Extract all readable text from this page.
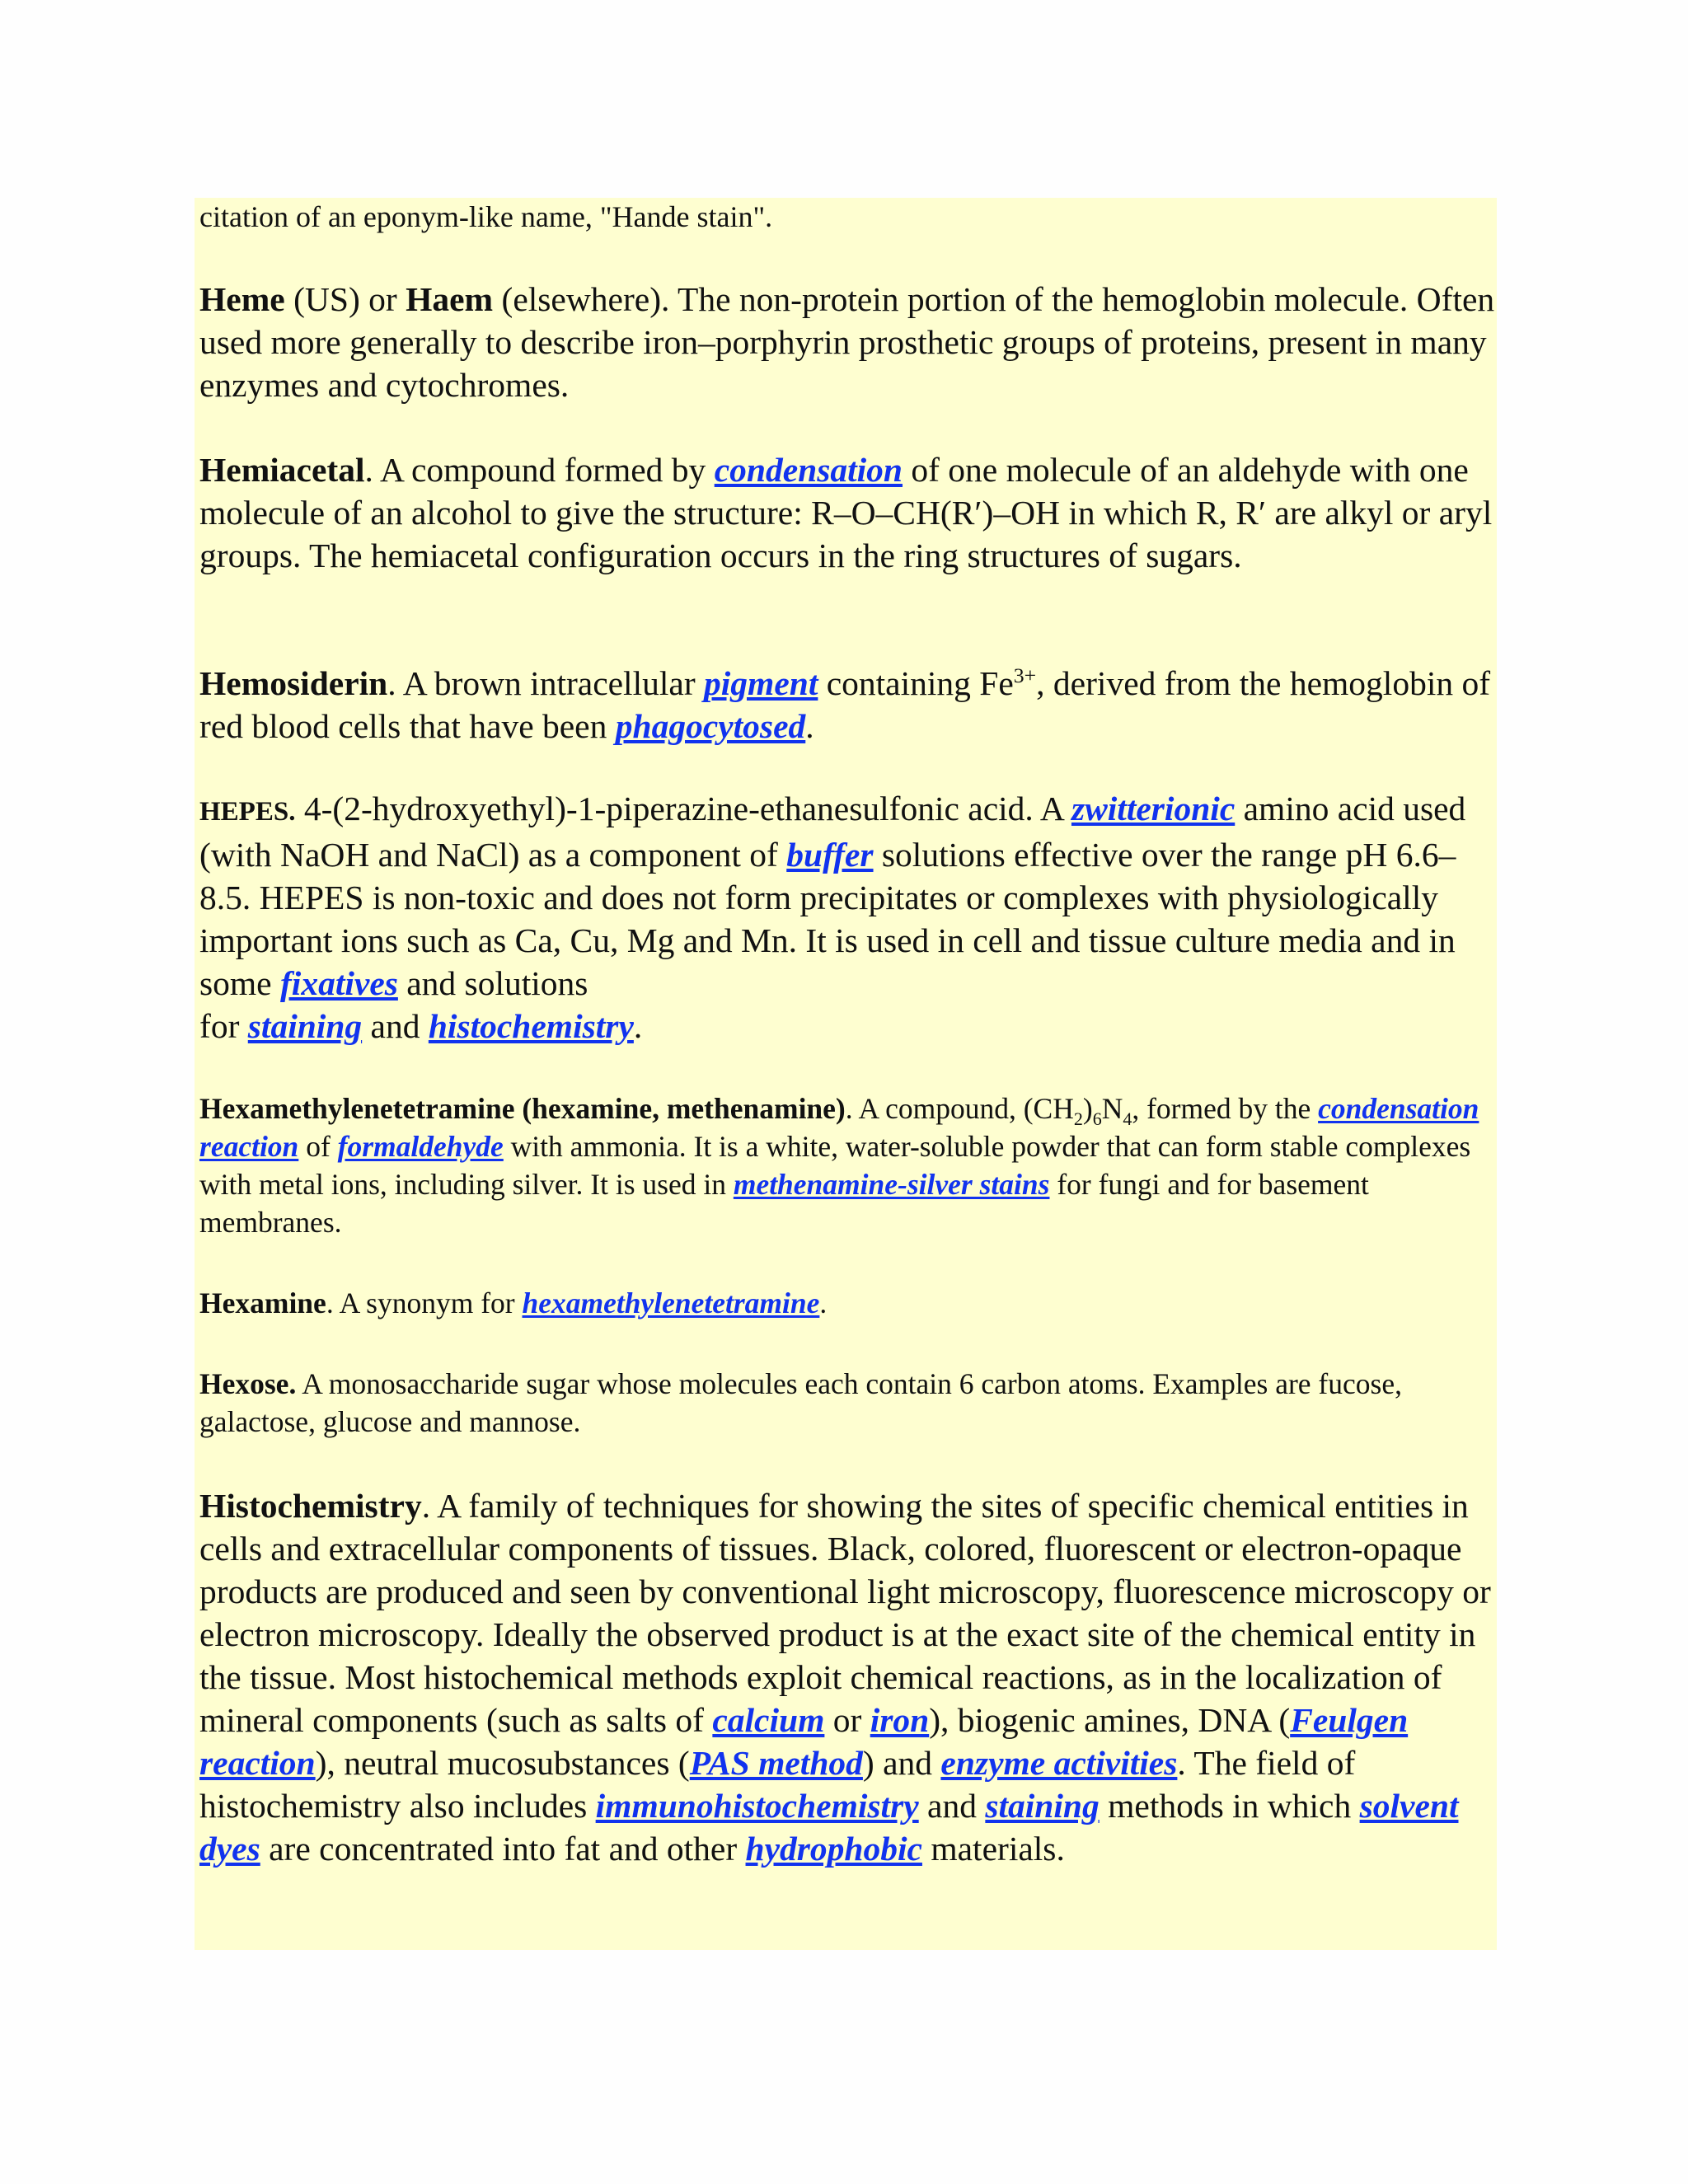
citation of an eponym-like name, "Hande stain".

Heme (US) or Haem (elsewhere). The non-protein portion of the hemoglobin molecule. Often used more generally to describe iron–porphyrin prosthetic groups of proteins, present in many enzymes and cytochromes.

Hemiacetal. A compound formed by condensation of one molecule of an aldehyde with one molecule of an alcohol to give the structure: R–O–CH(R′)–OH in which R, R′ are alkyl or aryl groups. The hemiacetal configuration occurs in the ring structures of sugars.

Hemosiderin. A brown intracellular pigment containing $Fe^{3+}$, derived from the hemoglobin of red blood cells that have been phagocytosed.

HEPES. 4-(2-hydroxyethyl)-1-piperazine-ethanesulfonic acid. A zwitterionic amino acid used (with NaOH and NaCl) as a component of buffer solutions effective over the range pH 6.6–8.5. HEPES is non-toxic and does not form precipitates or complexes with physiologically important ions such as Ca, Cu, Mg and Mn. It is used in cell and tissue culture media and in some fixatives and solutions
for staining and histochemistry.

Hexamethylenetetramine (hexamine, methenamine). A compound, $(CH_2)_6N_4$, formed by the condensation reaction of formaldehyde with ammonia. It is a white, water-soluble powder that can form stable complexes with metal ions, including silver. It is used in methenamine-silver stains for fungi and for basement membranes.

Hexamine. A synonym for hexamethylenetetramine.

Hexose. A monosaccharide sugar whose molecules each contain 6 carbon atoms. Examples are fucose, galactose, glucose and mannose.

Histochemistry. A family of techniques for showing the sites of specific chemical entities in cells and extracellular components of tissues. Black, colored, fluorescent or electron-opaque products are produced and seen by conventional light microscopy, fluorescence microscopy or electron microscopy. Ideally the observed product is at the exact site of the chemical entity in the tissue. Most histochemical methods exploit chemical reactions, as in the localization of mineral components (such as salts of calcium or iron), biogenic amines, DNA (Feulgen reaction), neutral mucosubstances (PAS method) and enzyme activities. The field of histochemistry also includes immunohistochemistry and staining methods in which solvent dyes are concentrated into fat and other hydrophobic materials.
